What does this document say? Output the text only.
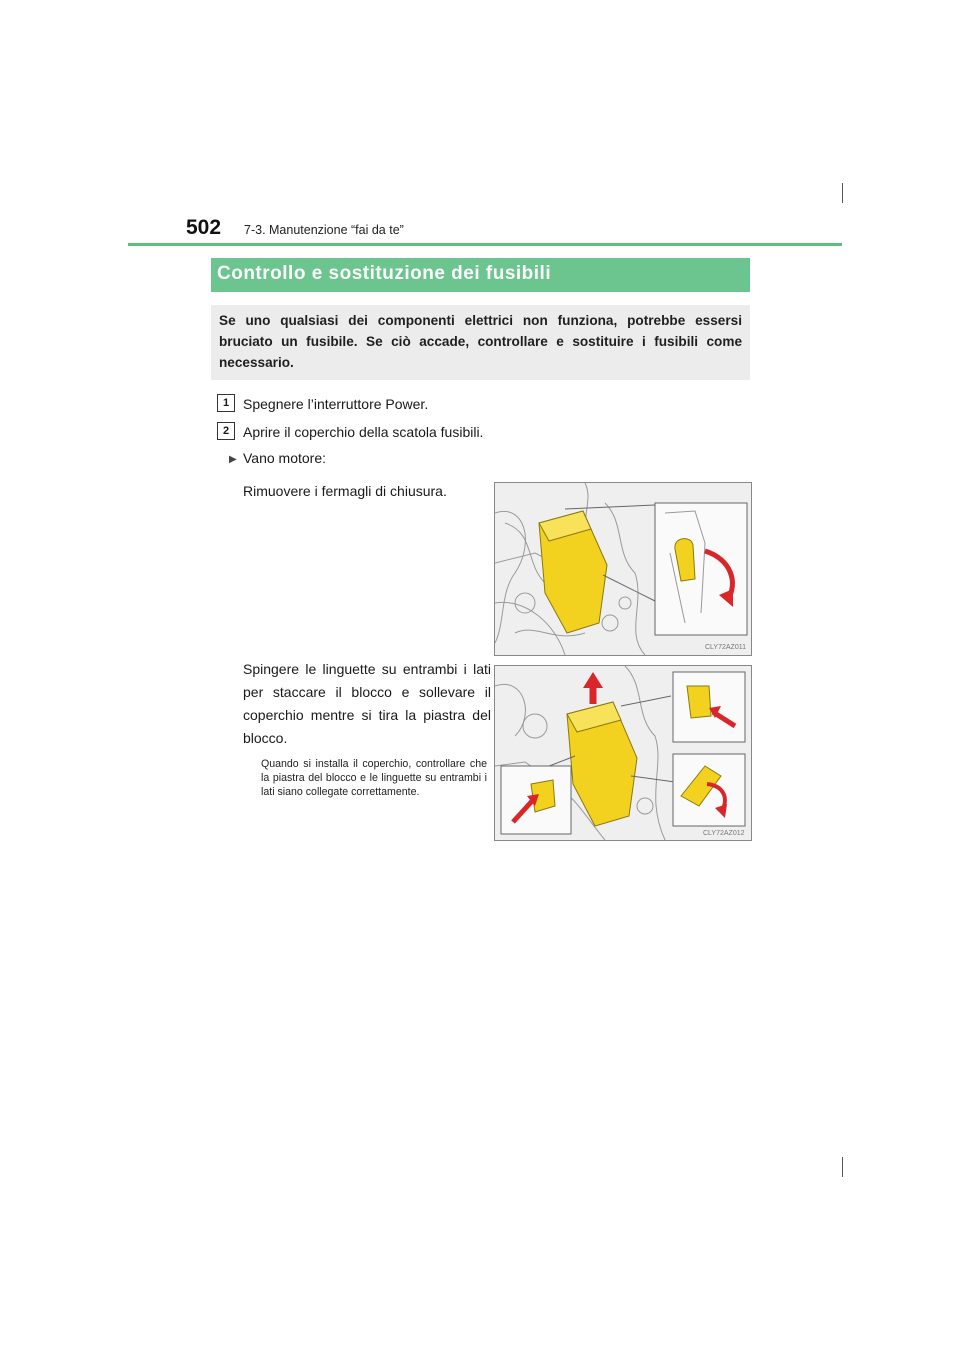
502 7-3. Manutenzione “fai da te”
Controllo e sostituzione dei fusibili
Se uno qualsiasi dei componenti elettrici non funziona, potrebbe essersi bruciato un fusibile. Se ciò accade, controllare e sostituire i fusibili come necessario.
1 Spegnere l’interruttore Power.
2 Aprire il coperchio della scatola fusibili.
▶ Vano motore:
Rimuovere i fermagli di chiusura.
Spingere le linguette su entrambi i lati per staccare il blocco e sollevare il coperchio mentre si tira la piastra del blocco.
Quando si installa il coperchio, controllare che la piastra del blocco e le linguette su entrambi i lati siano collegate correttamente.
CLY72AZ011
CLY72AZ012
